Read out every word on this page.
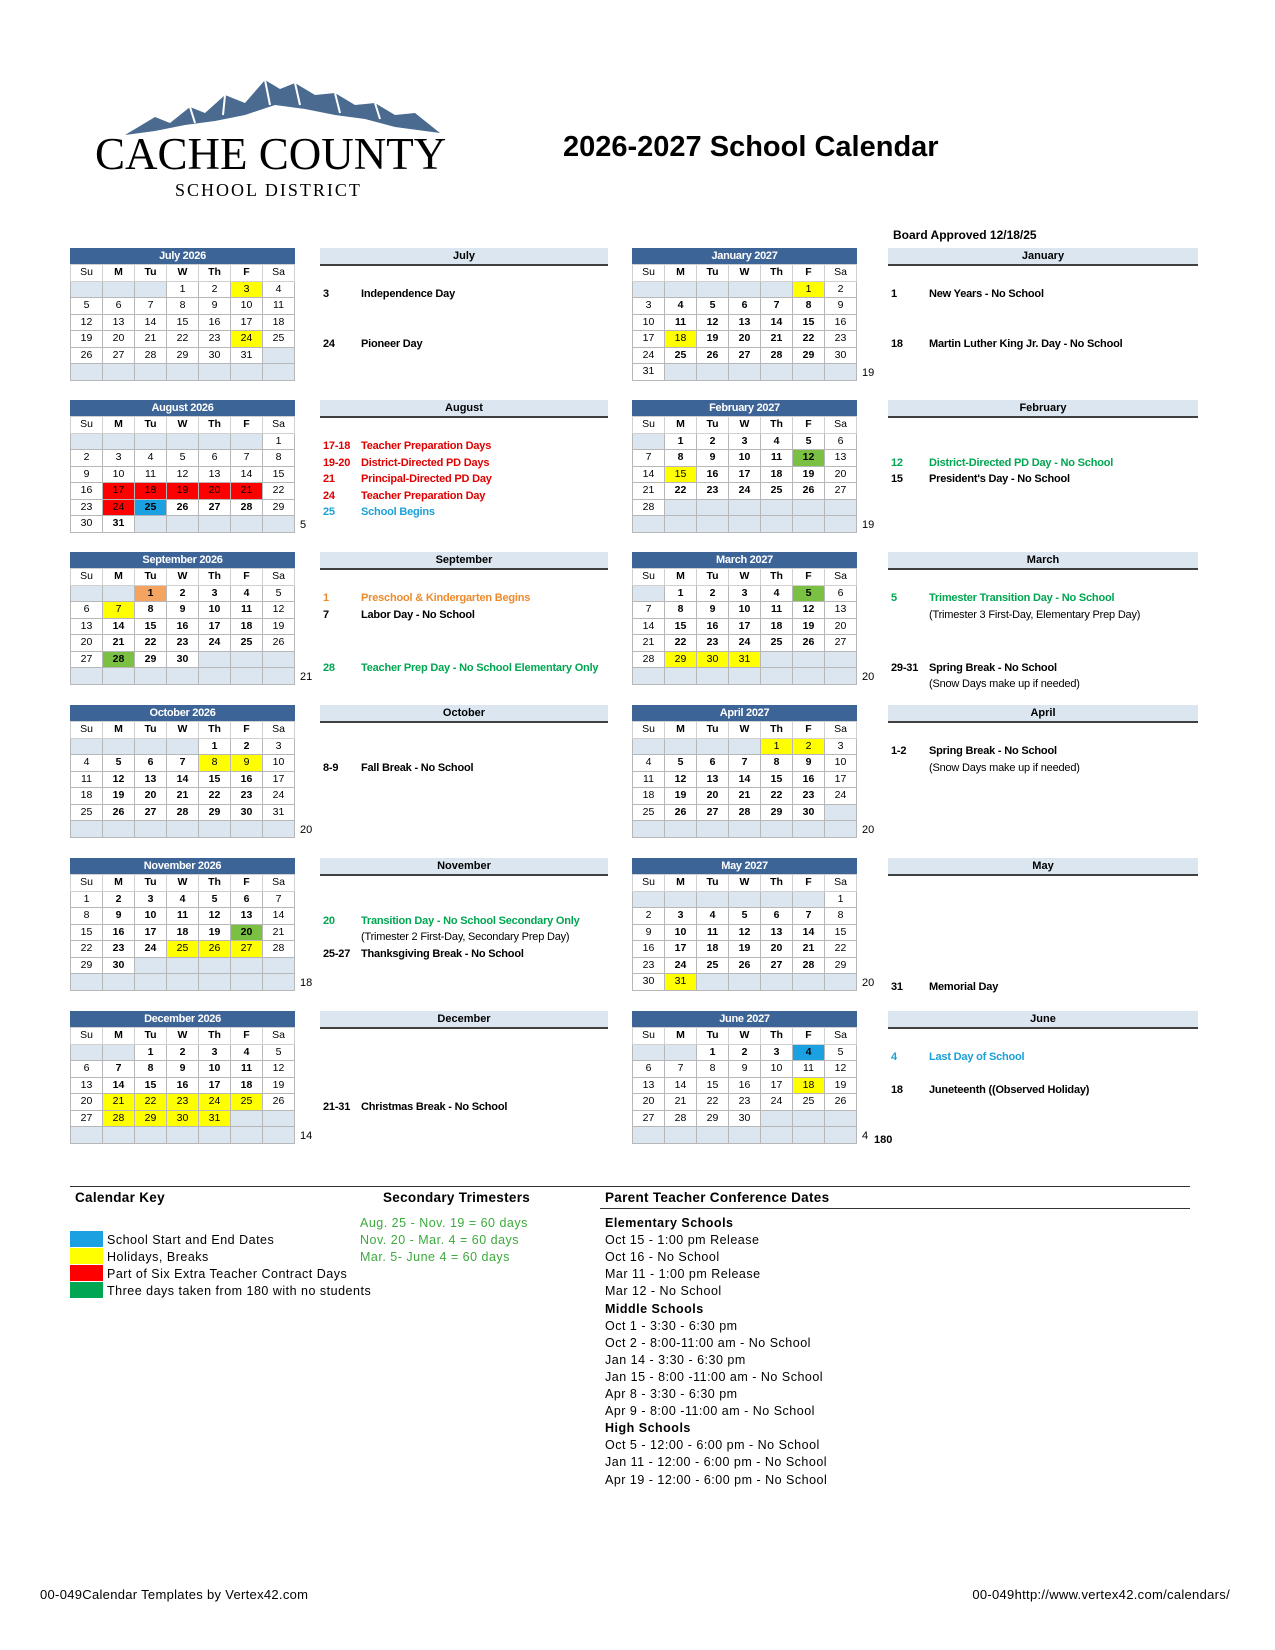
CACHE COUNTY
SCHOOL DISTRICT
2026-2027 School Calendar
Board Approved 12/18/25
July 2026
Su	M	Tu	W	Th	F	Sa
			1	2	3	4
5	6	7	8	9	10	11
12	13	14	15	16	17	18
19	20	21	22	23	24	25
26	27	28	29	30	31	

August 2026
Su	M	Tu	W	Th	F	Sa
						1
2	3	4	5	6	7	8
9	10	11	12	13	14	15
16	17	18	19	20	21	22
23	24	25	26	27	28	29
30	31						5
September 2026
Su	M	Tu	W	Th	F	Sa
		1	2	3	4	5
6	7	8	9	10	11	12
13	14	15	16	17	18	19
20	21	22	23	24	25	26
27	28	29	30			

21
October 2026
Su	M	Tu	W	Th	F	Sa
				1	2	3
4	5	6	7	8	9	10
11	12	13	14	15	16	17
18	19	20	21	22	23	24
25	26	27	28	29	30	31

20
November 2026
Su	M	Tu	W	Th	F	Sa
1	2	3	4	5	6	7
8	9	10	11	12	13	14
15	16	17	18	19	20	21
22	23	24	25	26	27	28
29	30					

18
December 2026
Su	M	Tu	W	Th	F	Sa
		1	2	3	4	5
6	7	8	9	10	11	12
13	14	15	16	17	18	19
20	21	22	23	24	25	26
27	28	29	30	31		

14
January 2027
Su	M	Tu	W	Th	F	Sa
					1	2
3	4	5	6	7	8	9
10	11	12	13	14	15	16
17	18	19	20	21	22	23
24	25	26	27	28	29	30
31							19
February 2027
Su	M	Tu	W	Th	F	Sa
	1	2	3	4	5	6
7	8	9	10	11	12	13
14	15	16	17	18	19	20
21	22	23	24	25	26	27
28						

19
March 2027
Su	M	Tu	W	Th	F	Sa
	1	2	3	4	5	6
7	8	9	10	11	12	13
14	15	16	17	18	19	20
21	22	23	24	25	26	27
28	29	30	31			

20
April 2027
Su	M	Tu	W	Th	F	Sa
				1	2	3
4	5	6	7	8	9	10
11	12	13	14	15	16	17
18	19	20	21	22	23	24
25	26	27	28	29	30	

20
May 2027
Su	M	Tu	W	Th	F	Sa
						1
2	3	4	5	6	7	8
9	10	11	12	13	14	15
16	17	18	19	20	21	22
23	24	25	26	27	28	29
30	31						20
June 2027
Su	M	Tu	W	Th	F	Sa
		1	2	3	4	5
6	7	8	9	10	11	12
13	14	15	16	17	18	19
20	21	22	23	24	25	26
27	28	29	30			

4 180
July
3	Independence Day
24 Pioneer Day
August
17-18 Teacher Preparation Days
19-20 District-Directed PD Days
21 Principal-Directed PD Day
24 Teacher Preparation Day
25 School Begins
September
1	Preschool & Kindergarten Begins
7	Labor Day - No School
28 Teacher Prep Day - No School Elementary Only
October
8-9 Fall Break - No School
November
20 Transition Day - No School Secondary Only
(Trimester 2 First-Day, Secondary Prep Day)
25-27 Thanksgiving Break - No School
December
21-31 Christmas Break - No School
January
1	New Years - No School
18 Martin Luther King Jr. Day - No School
February
12 District-Directed PD Day - No School
15 President's Day - No School
March
5	Trimester Transition Day - No School
(Trimester 3 First-Day, Elementary Prep Day)
29-31 Spring Break - No School
(Snow Days make up if needed)
April
1-2 Spring Break - No School
(Snow Days make up if needed)
May
31 Memorial Day
June
4	Last Day of School
18 Juneteenth ((Observed Holiday)
Calendar Key	Secondary Trimesters	Parent Teacher Conference Dates
School Start and End Dates
Holidays, Breaks
Part of Six Extra Teacher Contract Days
Three days taken from 180 with no students
Aug. 25 - Nov. 19 = 60 days
Nov. 20 - Mar. 4 = 60 days
Mar. 5- June 4 = 60 days
Elementary Schools
Oct 15 - 1:00 pm Release
Oct 16 - No School
Mar 11 - 1:00 pm Release
Mar 12 - No School
Middle Schools
Oct 1 - 3:30 - 6:30 pm
Oct 2 - 8:00-11:00 am - No School
Jan 14 - 3:30 - 6:30 pm
Jan 15 - 8:00 -11:00 am - No School
Apr 8 - 3:30 - 6:30 pm
Apr 9 - 8:00 -11:00 am - No School
High Schools
Oct 5 - 12:00 - 6:00 pm - No School
Jan 11 - 12:00 - 6:00 pm - No School
Apr 19 - 12:00 - 6:00 pm - No School
00-049Calendar Templates by Vertex42.com	00-049http://www.vertex42.com/calendars/
